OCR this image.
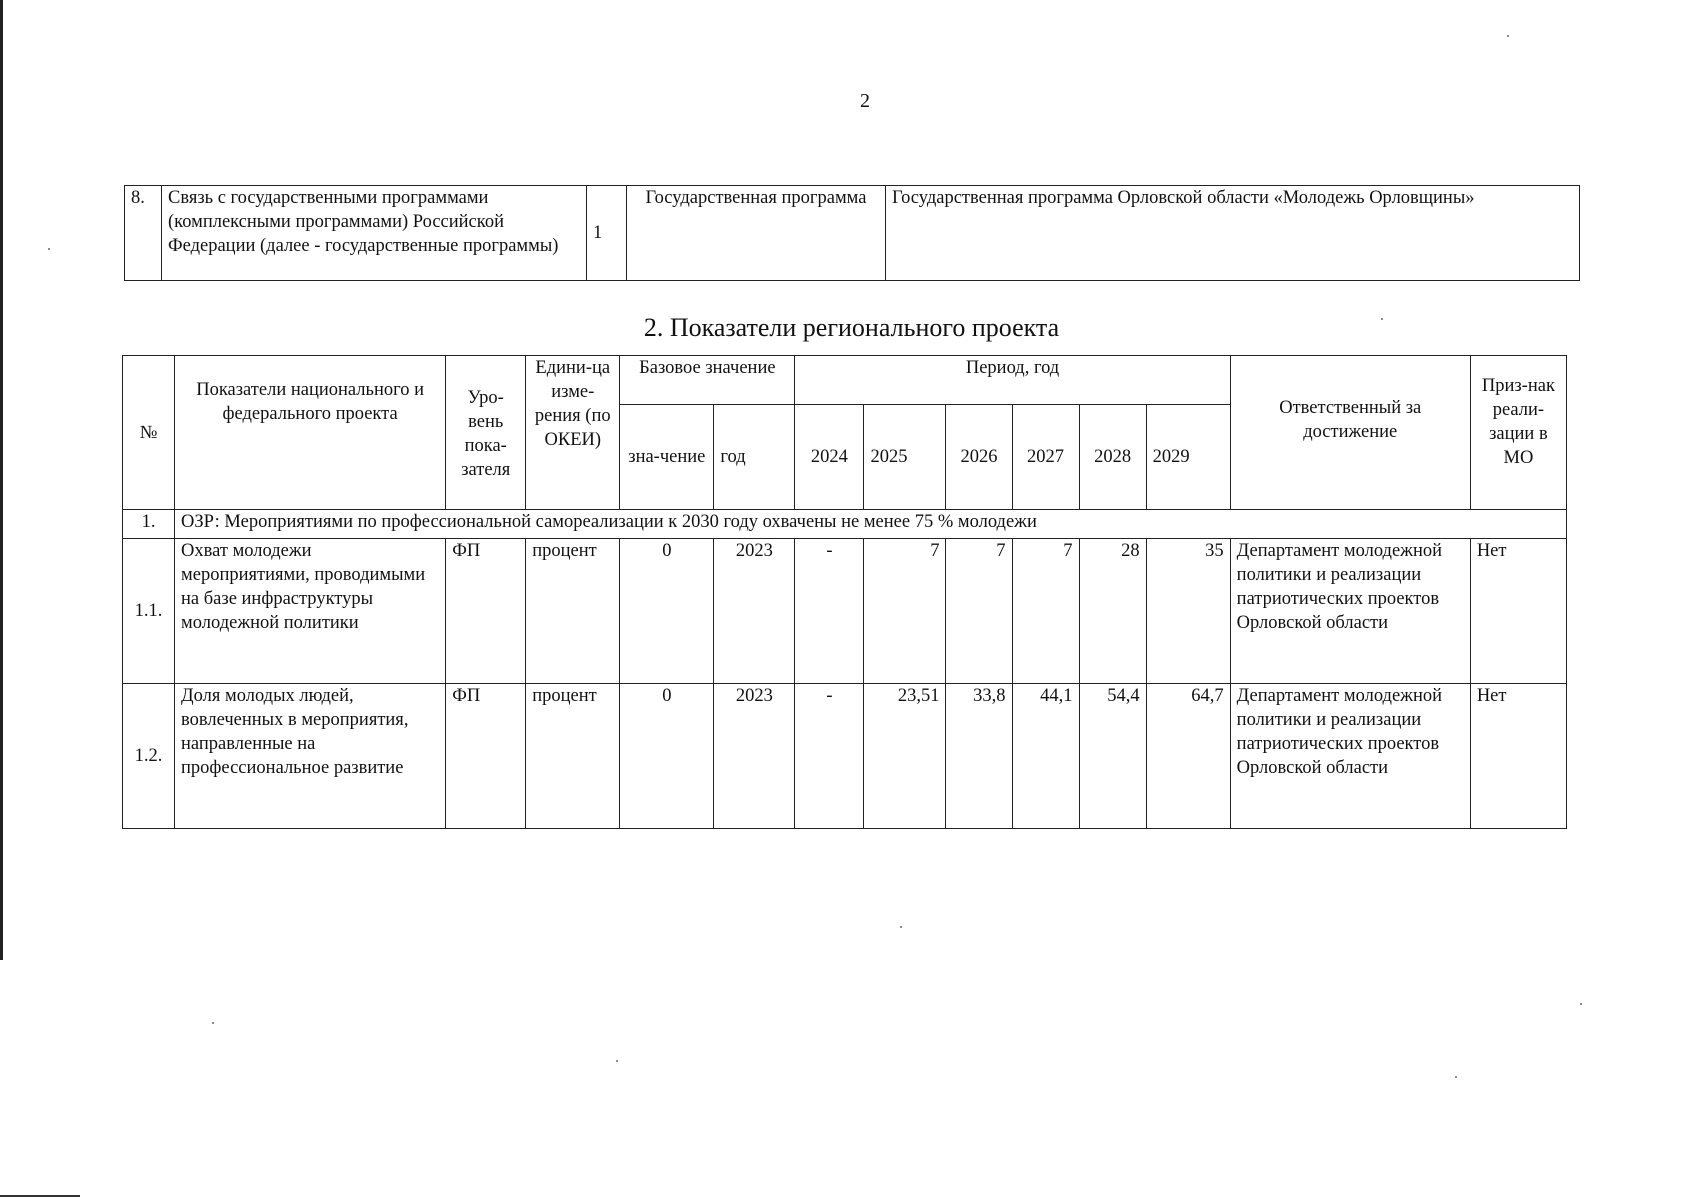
2
8.	Связь с государственными программами (комплексными программами) Российской Федерации (далее - государственные программы)	1	Государственная программа	Государственная программа Орловской области «Молодежь Орловщины»
2. Показатели регионального проекта
№	Показатели национального и федерального проекта	Уро-вень пока-зателя	Едини-ца изме-рения (по ОКЕИ)	Базовое значение		Период, год						Ответственный за достижение	Приз-нак реали-зации в МО
				зна-чение	год	2024	2025	2026	2027	2028	2029		
1.	ОЗР: Мероприятиями по профессиональной самореализации к 2030 году охвачены не менее 75 % молодежи												
1.1.	Охват молодежи мероприятиями, проводимыми на базе инфраструктуры молодежной политики	ФП	процент	0	2023	-	7	7	7	28	35	Департамент молодежной политики и реализации патриотических проектов Орловской области	Нет
1.2.	Доля молодых людей, вовлеченных в мероприятия, направленные на профессиональное развитие	ФП	процент	0	2023	-	23,51	33,8	44,1	54,4	64,7	Департамент молодежной политики и реализации патриотических проектов Орловской области	Нет
